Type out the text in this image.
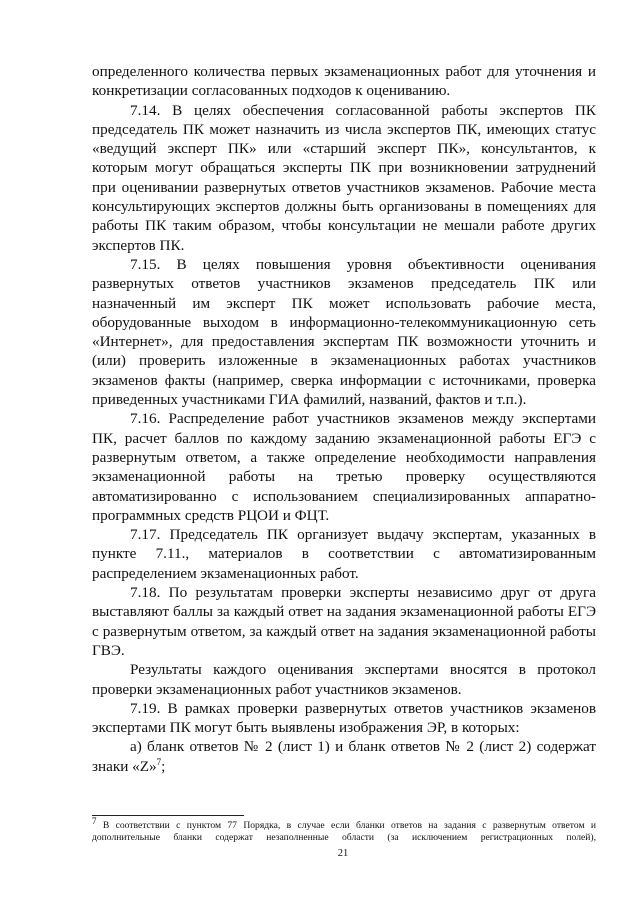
определенного количества первых экзаменационных работ для уточнения и конкретизации согласованных подходов к оцениванию.

7.14. В целях обеспечения согласованной работы экспертов ПК председатель ПК может назначить из числа экспертов ПК, имеющих статус «ведущий эксперт ПК» или «старший эксперт ПК», консультантов, к которым могут обращаться эксперты ПК при возникновении затруднений при оценивании развернутых ответов участников экзаменов. Рабочие места консультирующих экспертов должны быть организованы в помещениях для работы ПК таким образом, чтобы консультации не мешали работе других экспертов ПК.

7.15. В целях повышения уровня объективности оценивания развернутых ответов участников экзаменов председатель ПК или назначенный им эксперт ПК может использовать рабочие места, оборудованные выходом в информационно-телекоммуникационную сеть «Интернет», для предоставления экспертам ПК возможности уточнить и (или) проверить изложенные в экзаменационных работах участников экзаменов факты (например, сверка информации с источниками, проверка приведенных участниками ГИА фамилий, названий, фактов и т.п.).

7.16. Распределение работ участников экзаменов между экспертами ПК, расчет баллов по каждому заданию экзаменационной работы ЕГЭ с развернутым ответом, а также определение необходимости направления экзаменационной работы на третью проверку осуществляются автоматизированно с использованием специализированных аппаратно-программных средств РЦОИ и ФЦТ.

7.17. Председатель ПК организует выдачу экспертам, указанных в пункте 7.11., материалов в соответствии с автоматизированным распределением экзаменационных работ.

7.18. По результатам проверки эксперты независимо друг от друга выставляют баллы за каждый ответ на задания экзаменационной работы ЕГЭ с развернутым ответом, за каждый ответ на задания экзаменационной работы ГВЭ.

Результаты каждого оценивания экспертами вносятся в протокол проверки экзаменационных работ участников экзаменов.

7.19. В рамках проверки развернутых ответов участников экзаменов экспертами ПК могут быть выявлены изображения ЭР, в которых:

а) бланк ответов № 2 (лист 1) и бланк ответов № 2 (лист 2) содержат знаки «Z»$^7$;

7 В соответствии с пунктом 77 Порядка, в случае если бланки ответов на задания с развернутым ответом и дополнительные бланки содержат незаполненные области (за исключением регистрационных полей),

21
